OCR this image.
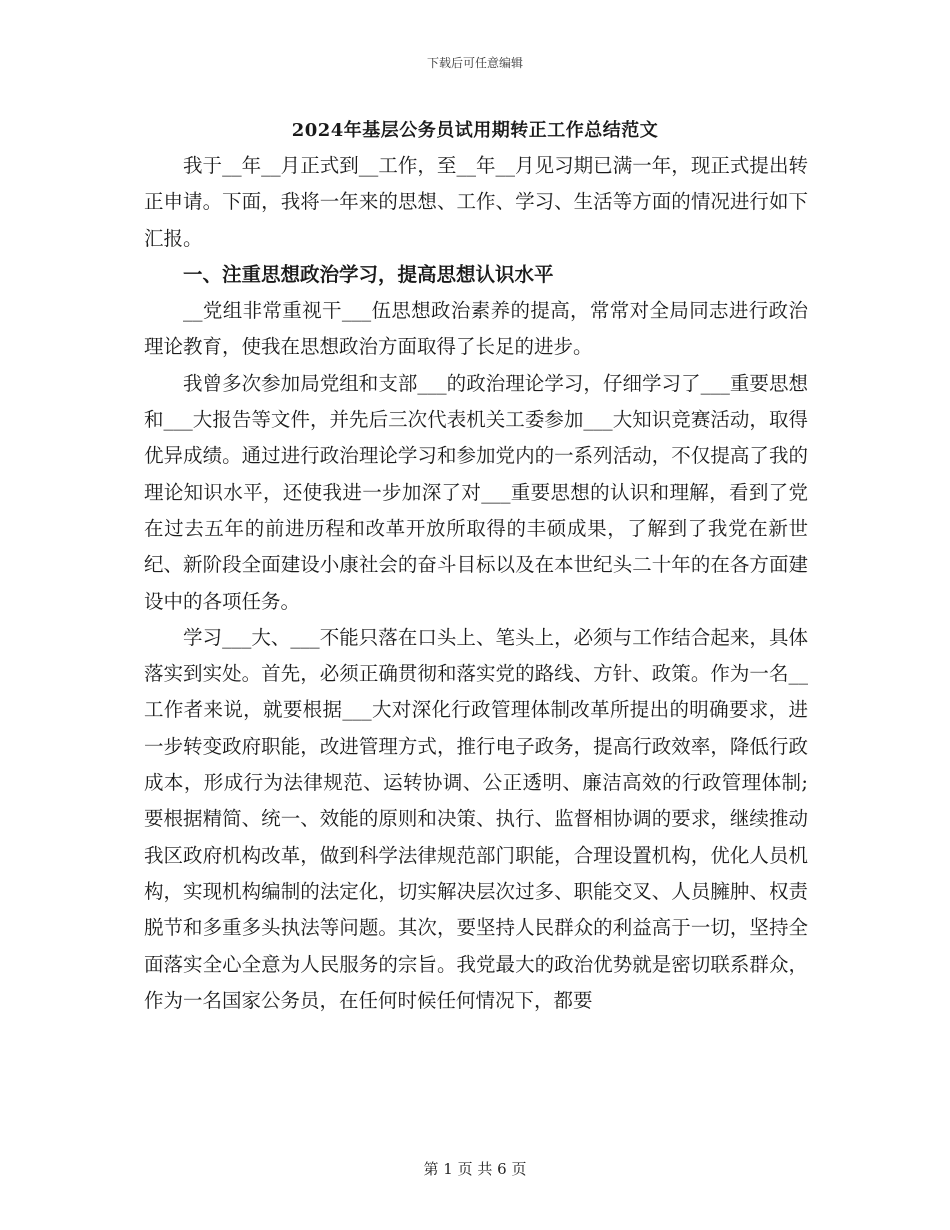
下载后可任意编辑
2024年基层公务员试用期转正工作总结范文

我于__年__月正式到__工作，至__年__月见习期已满一年，现正式提出转正申请。下面，我将一年来的思想、工作、学习、生活等方面的情况进行如下汇报。

一、注重思想政治学习，提高思想认识水平

__党组非常重视干___伍思想政治素养的提高，常常对全局同志进行政治理论教育，使我在思想政治方面取得了长足的进步。

我曾多次参加局党组和支部___的政治理论学习，仔细学习了___重要思想和___大报告等文件，并先后三次代表机关工委参加___大知识竞赛活动，取得优异成绩。通过进行政治理论学习和参加党内的一系列活动，不仅提高了我的理论知识水平，还使我进一步加深了对___重要思想的认识和理解，看到了党在过去五年的前进历程和改革开放所取得的丰硕成果，了解到了我党在新世纪、新阶段全面建设小康社会的奋斗目标以及在本世纪头二十年的在各方面建设中的各项任务。

学习___大、___不能只落在口头上、笔头上，必须与工作结合起来，具体落实到实处。首先，必须正确贯彻和落实党的路线、方针、政策。作为一名__工作者来说，就要根据___大对深化行政管理体制改革所提出的明确要求，进一步转变政府职能，改进管理方式，推行电子政务，提高行政效率，降低行政成本，形成行为法律规范、运转协调、公正透明、廉洁高效的行政管理体制;要根据精简、统一、效能的原则和决策、执行、监督相协调的要求，继续推动我区政府机构改革，做到科学法律规范部门职能，合理设置机构，优化人员机构，实现机构编制的法定化，切实解决层次过多、职能交叉、人员臃肿、权责脱节和多重多头执法等问题。其次，要坚持人民群众的利益高于一切，坚持全面落实全心全意为人民服务的宗旨。我党最大的政治优势就是密切联系群众，作为一名国家公务员，在任何时候任何情况下，都要

第 1 页 共 6 页
